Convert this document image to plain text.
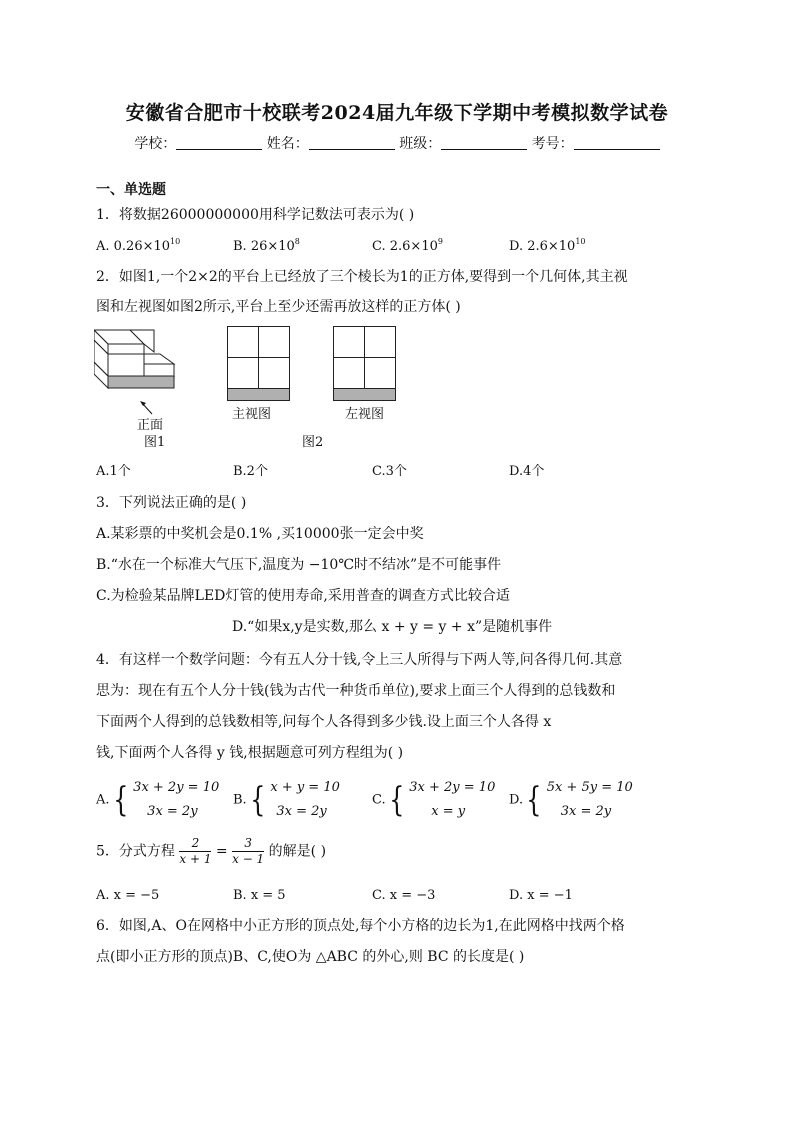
安徽省合肥市十校联考2024届九年级下学期中考模拟数学试卷
学校：	姓名：	班级：	考号：
一、单选题
1．将数据26000000000用科学记数法可表示为( )
A. $0.26\times 10^{10}$	B. $26\times 10^8$	C. $2.6\times 10^9$	D. $2.6\times 10^{10}$
2．如图1,一个2×2的平台上已经放了三个棱长为1的正方体,要得到一个几何体,其主视
图和左视图如图2所示,平台上至少还需再放这样的正方体( )
正面
图1
主视图	左视图
图2
A.1个	B.2个	C.3个	D.4个
3．下列说法正确的是( )
A.某彩票的中奖机会是0.1% ,买10000张一定会中奖
B.“水在一个标准大气压下,温度为 −10℃时不结冰”是不可能事件
C.为检验某品牌LED灯管的使用寿命,采用普查的调查方式比较合适
D.“如果x,y是实数,那么 x + y = y + x”是随机事件
4．有这样一个数学问题：今有五人分十钱,令上三人所得与下两人等,问各得几何.其意
思为：现在有五个人分十钱(钱为古代一种货币单位),要求上面三个人得到的总钱数和
下面两个人得到的总钱数相等,问每个人各得到多少钱.设上面三个人各得 x
钱,下面两个人各得 y 钱,根据题意可列方程组为( )
A.{ 3x + 2y = 10
3x = 2y
B.{ x + y = 10
3x = 2y
C.{ 3x + 2y = 10
x = y
D.{ 5x + 5y = 10
3x = 2y
5．分式方程 $\frac{2}{x + 1} = \frac{3}{x - 1}$ 的解是( )
A. x = −5	B. x = 5	C. x = −3	D. x = −1
6．如图,A、O在网格中小正方形的顶点处,每个小方格的边长为1,在此网格中找两个格
点(即小正方形的顶点)B、C,使O为 △ABC 的外心,则 BC 的长度是( )
